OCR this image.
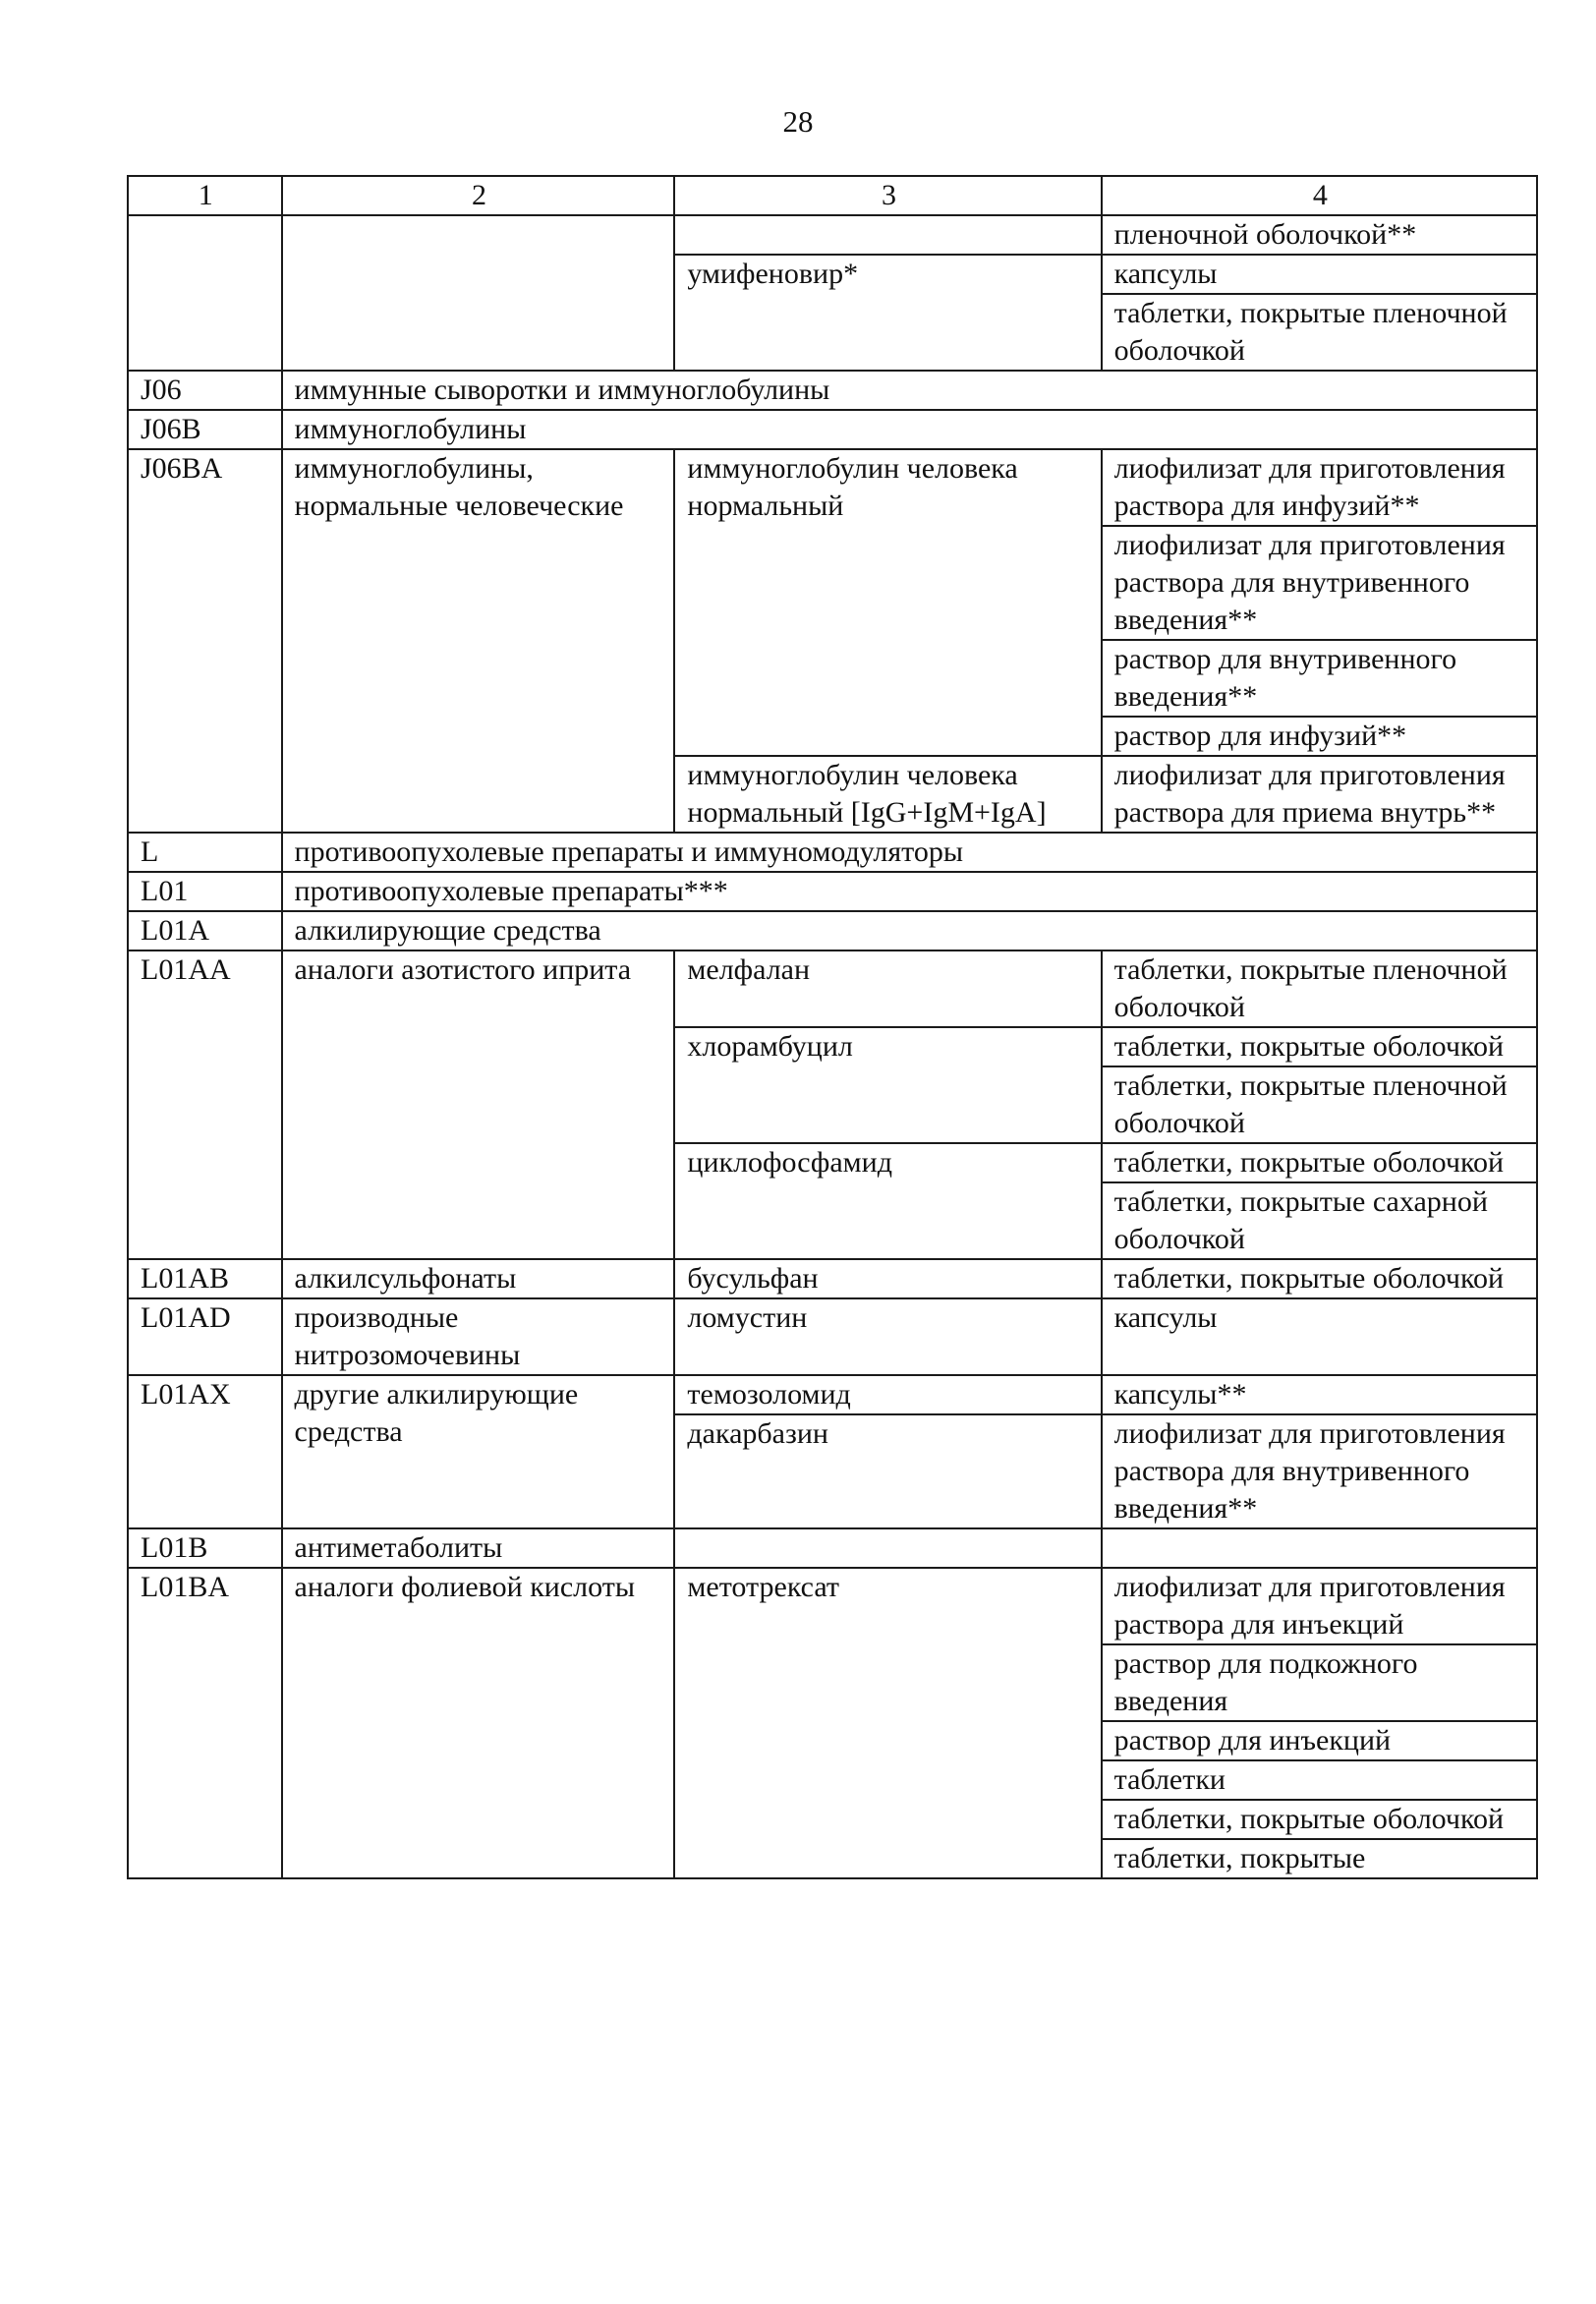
28
1	2	3	4
			пленочной оболочкой**
		умифеновир*	капсулы
			таблетки, покрытые пленочной оболочкой
J06	иммунные сыворотки и иммуноглобулины		
J06B	иммуноглобулины		
J06BA	иммуноглобулины, нормальные человеческие	иммуноглобулин человека нормальный	лиофилизат для приготовления раствора для инфузий**
			лиофилизат для приготовления раствора для внутривенного введения**
			раствор для внутривенного введения**
			раствор для инфузий**
		иммуноглобулин человека нормальный [IgG+IgM+IgA]	лиофилизат для приготовления раствора для приема внутрь**
L	противоопухолевые препараты и иммуномодуляторы		
L01	противоопухолевые препараты***		
L01A	алкилирующие средства		
L01AA	аналоги азотистого иприта	мелфалан	таблетки, покрытые пленочной оболочкой
		хлорамбуцил	таблетки, покрытые оболочкой
			таблетки, покрытые пленочной оболочкой
		циклофосфамид	таблетки, покрытые оболочкой
			таблетки, покрытые сахарной оболочкой
L01AB	алкилсульфонаты	бусульфан	таблетки, покрытые оболочкой
L01AD	производные нитрозомочевины	ломустин	капсулы
L01AX	другие алкилирующие средства	темозоломид	капсулы**
		дакарбазин	лиофилизат для приготовления раствора для внутривенного введения**
L01B	антиметаболиты		
L01BA	аналоги фолиевой кислоты	метотрексат	лиофилизат для приготовления раствора для инъекций
			раствор для подкожного введения
			раствор для инъекций
			таблетки
			таблетки, покрытые оболочкой
			таблетки, покрытые
